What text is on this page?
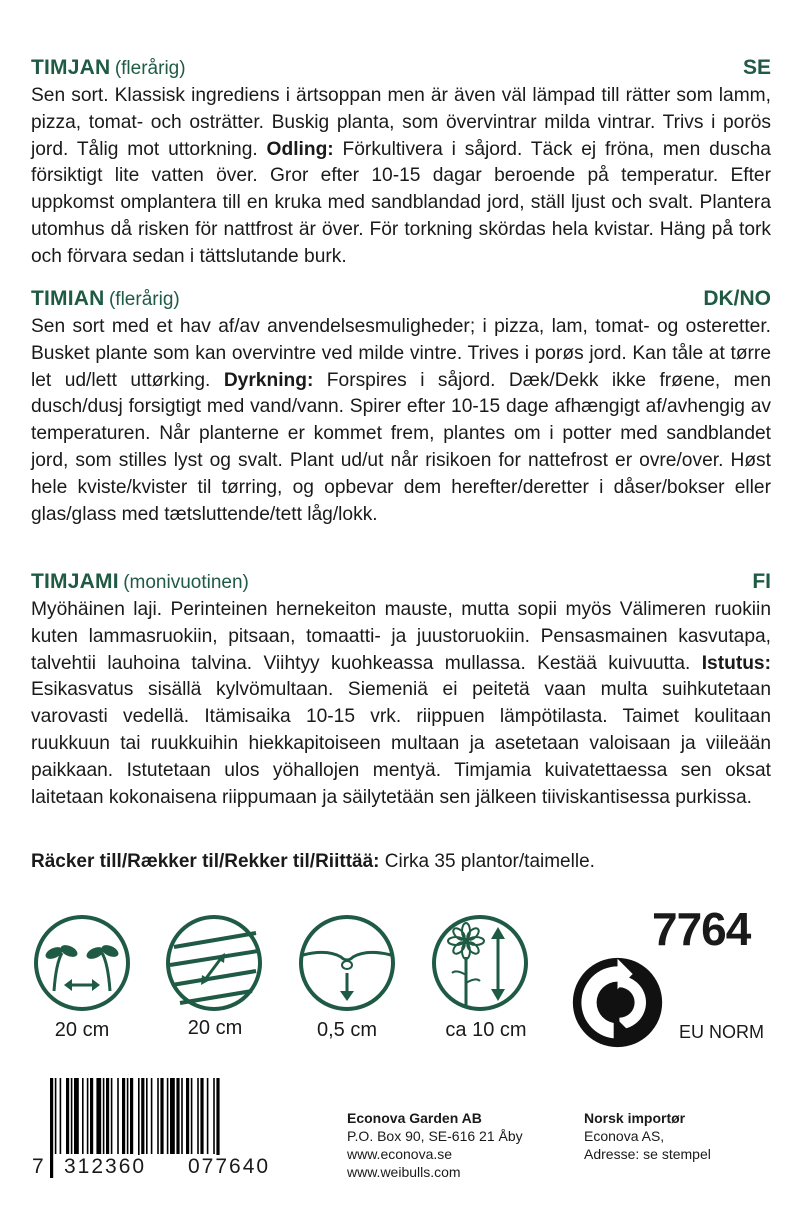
TIMJAN (flerårig)	SE
Sen sort. Klassisk ingrediens i ärtsoppan men är även väl lämpad till rätter som lamm, pizza, tomat- och osträtter. Buskig planta, som övervintrar milda vintrar. Trivs i porös jord. Tålig mot uttorkning. Odling: Förkultivera i såjord. Täck ej fröna, men duscha försiktigt lite vatten över. Gror efter 10-15 dagar beroende på temperatur. Efter uppkomst omplantera till en kruka med sandblandad jord, ställ ljust och svalt. Plantera utomhus då risken för nattfrost är över. För torkning skördas hela kvistar. Häng på tork och förvara sedan i tättslutande burk.
TIMIAN (flerårig)	DK/NO
Sen sort med et hav af/av anvendelsesmuligheder; i pizza, lam, tomat- og osteretter. Busket plante som kan overvintre ved milde vintre. Trives i porøs jord. Kan tåle at tørre let ud/lett uttørking. Dyrkning: Forspires i såjord. Dæk/Dekk ikke frøene, men dusch/dusj forsigtigt med vand/vann. Spirer efter 10-15 dage afhængigt af/avhengig av temperaturen. Når planterne er kommet frem, plantes om i potter med sandblandet jord, som stilles lyst og svalt. Plant ud/ut når risikoen for nattefrost er ovre/over. Høst hele kviste/kvister til tørring, og opbevar dem herefter/deretter i dåser/bokser eller glas/glass med tætsluttende/tett låg/lokk.
TIMJAMI (monivuotinen)	FI
Myöhäinen laji. Perinteinen hernekeiton mauste, mutta sopii myös Välimeren ruokiin kuten lammasruokiin, pitsaan, tomaatti- ja juustoruokiin. Pensasmainen kasvutapa, talvehtii lauhoina talvina. Viihtyy kuohkeassa mullassa. Kestää kuivuutta. Istutus: Esikasvatus sisällä kylvömultaan. Siemeniä ei peitetä vaan multa suihkutetaan varovasti vedellä. Itämisaika 10-15 vrk. riippuen lämpötilasta. Taimet koulitaan ruukkuun tai ruukkuihin hiekkapitoiseen multaan ja asetetaan valoisaan ja viileään paikkaan. Istutetaan ulos yöhallojen mentyä. Timjamia kuivatettaessa sen oksat laitetaan kokonaisena riippumaan ja säilytetään sen jälkeen tiiviskantisessa purkissa.
Räcker till/Rækker til/Rekker til/Riittää: Cirka 35 plantor/taimelle.
20 cm	20 cm	0,5 cm	ca 10 cm
7764
EU NORM
7 312360 077640
Econova Garden AB
P.O. Box 90, SE-616 21 Åby
www.econova.se
www.weibulls.com
Norsk importør
Econova AS,
Adresse: se stempel
